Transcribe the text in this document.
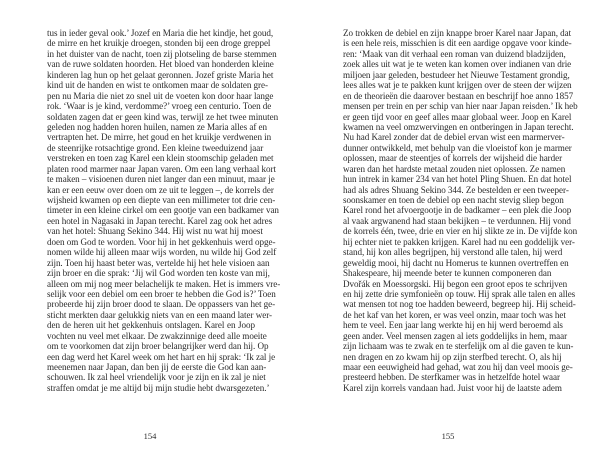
tus in ieder geval ook.’ Jozef en Maria die het kindje, het goud,
de mirre en het kruikje droegen, stonden bij een droge greppel
in het duister van de nacht, toen zij plotseling de barse stemmen
van de ruwe soldaten hoorden. Het bloed van honderden kleine
kinderen lag hun op het gelaat geronnen. Jozef griste Maria het
kind uit de handen en wist te ontkomen maar de soldaten gre-
pen nu Maria die niet zo snel uit de voeten kon door haar lange
rok. ‘Waar is je kind, verdomme?’ vroeg een centurio. Toen de
soldaten zagen dat er geen kind was, terwijl ze het twee minuten
geleden nog hadden horen huilen, namen ze Maria alles af en
vertrapten het. De mirre, het goud en het kruikje verdwenen in
de steenrijke rotsachtige grond. Een kleine tweeduizend jaar
verstreken en toen zag Karel een klein stoomschip geladen met
platen rood marmer naar Japan varen. Om een lang verhaal kort
te maken – visioenen duren niet langer dan een minuut, maar je
kan er een eeuw over doen om ze uit te leggen –, de korrels der
wijsheid kwamen op een diepte van een millimeter tot drie cen-
timeter in een kleine cirkel om een gootje van een badkamer van
een hotel in Nagasaki in Japan terecht. Karel zag ook het adres
van het hotel: Shuang Sekino 344. Hij wist nu wat hij moest
doen om God te worden. Voor hij in het gekkenhuis werd opge-
nomen wilde hij alleen maar wijs worden, nu wilde hij God zelf
zijn. Toen hij haast beter was, vertelde hij het hele visioen aan
zijn broer en die sprak: ‘Jij wil God worden ten koste van mij,
alleen om mij nog meer belachelijk te maken. Het is immers vre-
selijk voor een debiel om een broer te hebben die God is?’ Toen
probeerde hij zijn broer dood te slaan. De oppassers van het ge-
sticht merkten daar gelukkig niets van en een maand later wer-
den de heren uit het gekkenhuis ontslagen. Karel en Joop
vochten nu veel met elkaar. De zwakzinnige deed alle moeite
om te voorkomen dat zijn broer belangrijker werd dan hij. Op
een dag werd het Karel week om het hart en hij sprak: ‘Ik zal je
meenemen naar Japan, dan ben jij de eerste die God kan aan-
schouwen. Ik zal heel vriendelijk voor je zijn en ik zal je niet
straffen omdat je me altijd bij mijn studie hebt dwarsgezeten.’
154
Zo trokken de debiel en zijn knappe broer Karel naar Japan, dat
is een hele reis, misschien is dit een aardige opgave voor kinde-
ren: ‘Maak van dit verhaal een roman van duizend bladzijden,
zoek alles uit wat je te weten kan komen over indianen van drie
miljoen jaar geleden, bestudeer het Nieuwe Testament grondig,
lees alles wat je te pakken kunt krijgen over de steen der wijzen
en de theorieën die daarover bestaan en beschrijf hoe anno 1857
mensen per trein en per schip van hier naar Japan reisden.’ Ik heb
er geen tijd voor en geef alles maar globaal weer. Joop en Karel
kwamen na veel omzwervingen en ontberingen in Japan terecht.
Nu had Karel zonder dat de debiel ervan wist een marmerver-
dunner ontwikkeld, met behulp van die vloeistof kon je marmer
oplossen, maar de steentjes of korrels der wijsheid die harder
waren dan het hardste metaal zouden niet oplossen. Ze namen
hun intrek in kamer 234 van het hotel Pling Shuen. En dat hotel
had als adres Shuang Sekino 344. Ze bestelden er een tweeper-
soonskamer en toen de debiel op een nacht stevig sliep begon
Karel rond het afvoergootje in de badkamer – een plek die Joop
al vaak argwanend had staan bekijken – te verdunnen. Hij vond
de korrels één, twee, drie en vier en hij slikte ze in. De vijfde kon
hij echter niet te pakken krijgen. Karel had nu een goddelijk ver-
stand, hij kon alles begrijpen, hij verstond alle talen, hij werd
geweldig mooi, hij dacht nu Homerus te kunnen overtreffen en
Shakespeare, hij meende beter te kunnen componeren dan
Dvořák en Moessorgski. Hij begon een groot epos te schrijven
en hij zette drie symfonieën op touw. Hij sprak alle talen en alles
wat mensen tot nog toe hadden beweerd, begreep hij. Hij scheid-
de het kaf van het koren, er was veel onzin, maar toch was het
hem te veel. Een jaar lang werkte hij en hij werd beroemd als
geen ander. Veel mensen zagen al iets goddelijks in hem, maar
zijn lichaam was te zwak en te sterfelijk om al die gaven te kun-
nen dragen en zo kwam hij op zijn sterfbed terecht. O, als hij
maar een eeuwigheid had gehad, wat zou hij dan veel moois ge-
presteerd hebben. De sterfkamer was in hetzelfde hotel waar
Karel zijn korrels vandaan had. Juist voor hij de laatste adem
155
